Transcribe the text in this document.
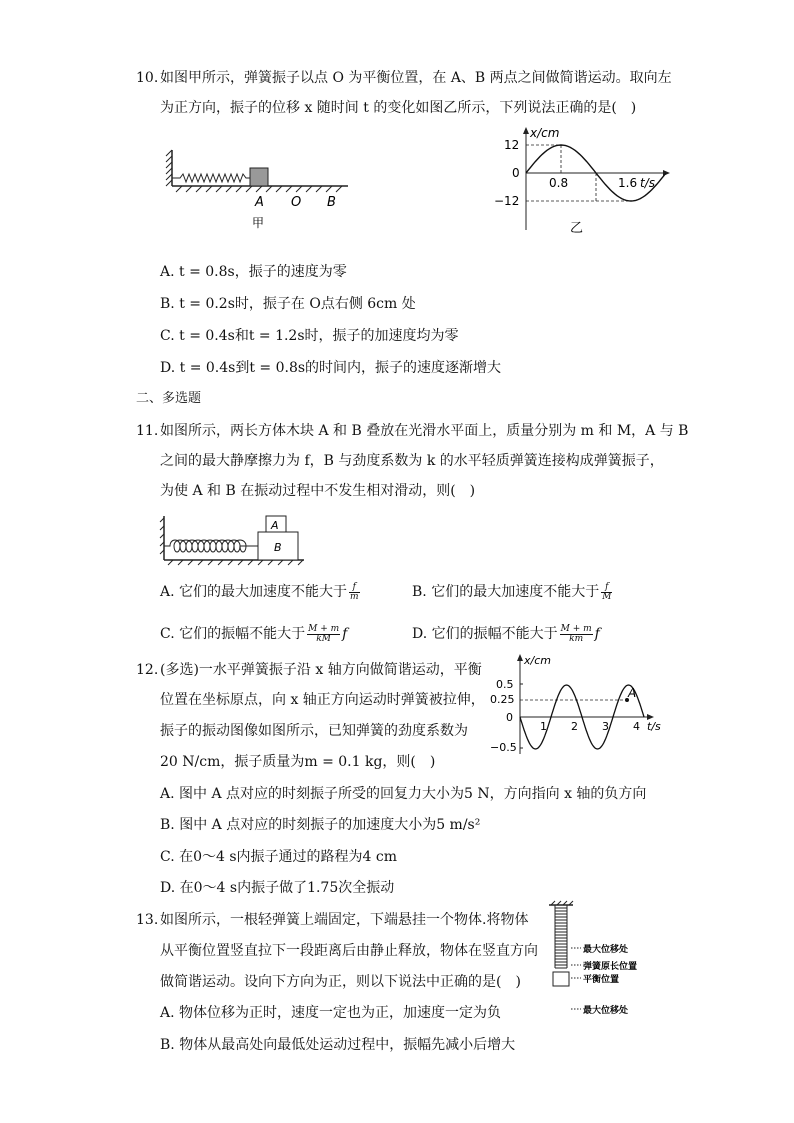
10. 如图甲所示，弹簧振子以点 O 为平衡位置，在 A、B 两点之间做简谐运动。取向左
为正方向，振子的位移 x 随时间 t 的变化如图乙所示，下列说法正确的是(　)
A O B
甲
x/cm
t/s
12
0
−12
0.8	1.6
乙
A. t = 0.8s，振子的速度为零
B. t = 0.2s时，振子在 O点右侧 6cm 处
C. t = 0.4s和t = 1.2s时，振子的加速度均为零
D. t = 0.4s到t = 0.8s的时间内，振子的速度逐渐增大
二、多选题
11. 如图所示，两长方体木块 A 和 B 叠放在光滑水平面上，质量分别为 m 和 M，A 与 B
之间的最大静摩擦力为 f，B 与劲度系数为 k 的水平轻质弹簧连接构成弹簧振子，
为使 A 和 B 在振动过程中不发生相对滑动，则(　)
A
B
A. 它们的最大加速度不能大于 $\frac{f}{m}$	B. 它们的最大加速度不能大于 $\frac{f}{M}$
C. 它们的振幅不能大于 $\frac{M + m}{kM}$ f	D. 它们的振幅不能大于 $\frac{M + m}{km}$ f
12. (多选)一水平弹簧振子沿 x 轴方向做简谐运动，平衡
位置在坐标原点，向 x 轴正方向运动时弹簧被拉伸，
振子的振动图像如图所示，已知弹簧的劲度系数为
20 N/cm，振子质量为m = 0.1 kg，则(　)
x/cm
t/s
0.5
0.25
0
−0.5
1 2 3 4
A
A. 图中 A 点对应的时刻振子所受的回复力大小为5 N，方向指向 x 轴的负方向
B. 图中 A 点对应的时刻振子的加速度大小为5 m/s²
C. 在0～4 s内振子通过的路程为4 cm
D. 在0～4 s内振子做了1.75次全振动
13. 如图所示，一根轻弹簧上端固定，下端悬挂一个物体.将物体
从平衡位置竖直拉下一段距离后由静止释放，物体在竖直方向
做简谐运动。设向下方向为正，则以下说法中正确的是(　)
最大位移处
弹簧原长位置
平衡位置
最大位移处
A. 物体位移为正时，速度一定也为正，加速度一定为负
B. 物体从最高处向最低处运动过程中，振幅先减小后增大
